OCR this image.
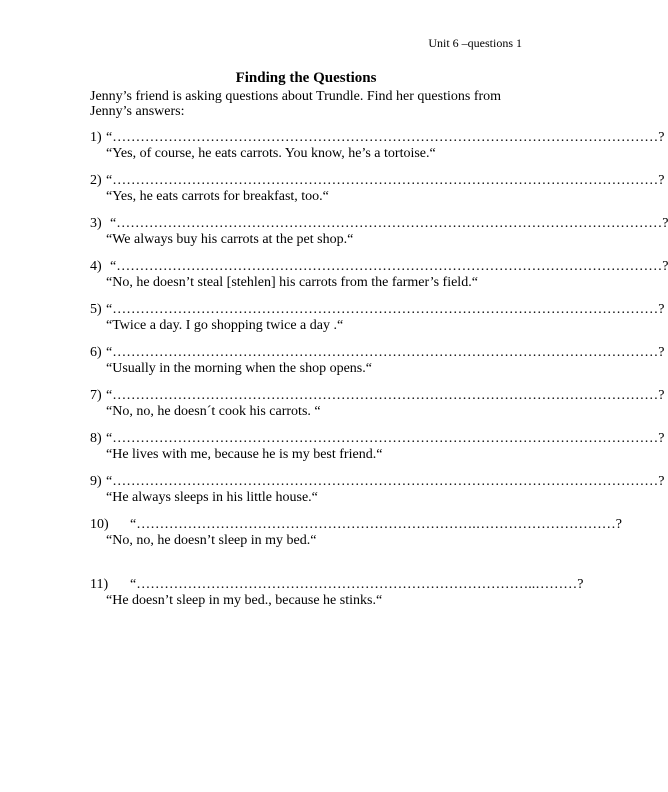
Unit 6 –questions 1
Finding the Questions
Jenny’s friend is asking questions about Trundle. Find her questions from Jenny’s answers:
1) “………………………………………………………………………………………………………?
“Yes, of course, he eats carrots. You know, he’s a tortoise.“
2) “………………………………………………………………………………………………………?
“Yes, he eats carrots for breakfast, too.“
3) “………………………………………………………………………………………………………?
“We always buy his carrots at the pet shop.“
4) “………………………………………………………………………………………………………?
“No, he doesn’t steal [stehlen] his carrots from the farmer’s field.“
5) “………………………………………………………………………………………………………?
“Twice a day. I go shopping twice a day .“
6) “………………………………………………………………………………………………………?
“Usually in the morning when the shop opens.“
7) “………………………………………………………………………………………………………?
“No, no, he doesn´t cook his carrots. “
8) “………………………………………………………………………………………………………?
“He lives with me, because he is my best friend.“
9) “………………………………………………………………………………………………………?
“He always sleeps in his little house.“
10) “……………………………………………………………….…………………………?
“No, no, he doesn’t sleep in my bed.“
11) “…………………………………………………………………………..………?
“He doesn’t sleep in my bed., because he stinks.“
